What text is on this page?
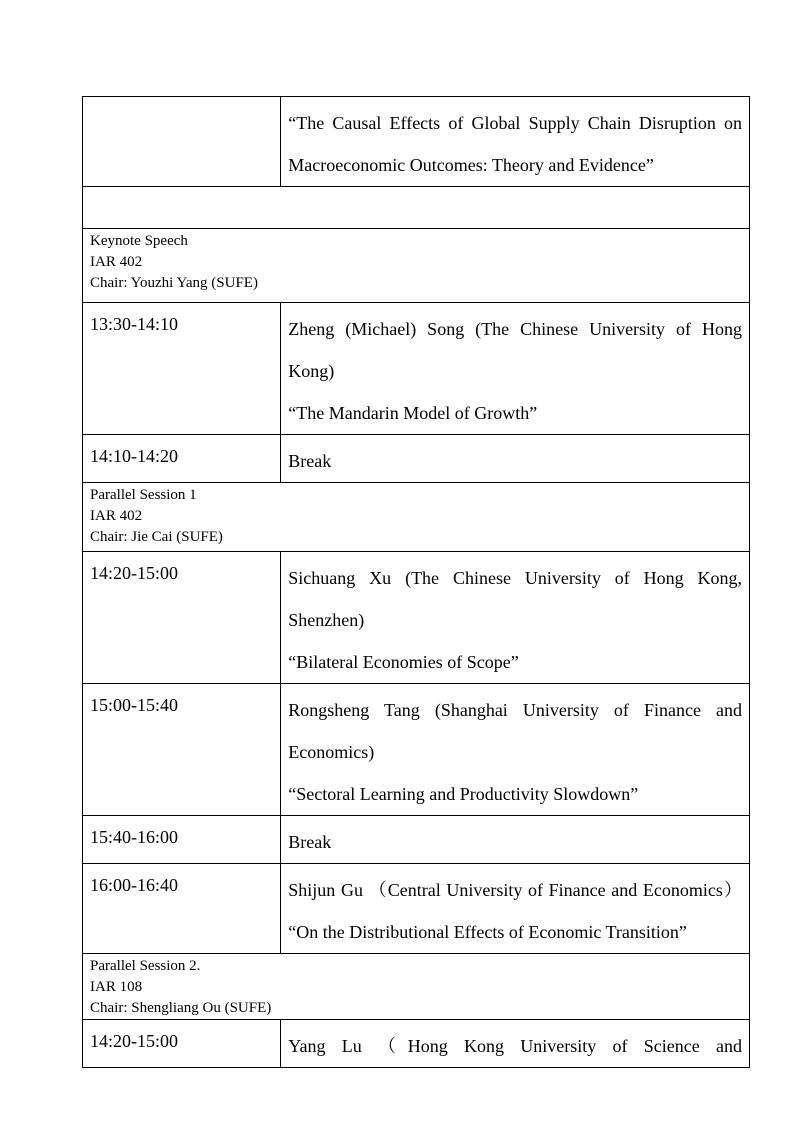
	“The Causal Effects of Global Supply Chain Disruption on
Macroeconomic Outcomes: Theory and Evidence”

Keynote Speech
IAR 402
Chair: Youzhi Yang (SUFE)	

13:30-14:10	Zheng (Michael) Song (The Chinese University of Hong
Kong)
“The Mandarin Model of Growth”

14:10-14:20	Break

Parallel Session 1
IAR 402
Chair: Jie Cai (SUFE)	

14:20-15:00	Sichuang Xu (The Chinese University of Hong Kong,
Shenzhen)
“Bilateral Economies of Scope”

15:00-15:40	Rongsheng Tang (Shanghai University of Finance and
Economics)
“Sectoral Learning and Productivity Slowdown”

15:40-16:00	Break

16:00-16:40	Shijun Gu （Central University of Finance and Economics）
“On the Distributional Effects of Economic Transition”

Parallel Session 2.
IAR 108
Chair: Shengliang Ou (SUFE)	

14:20-15:00	Yang Lu （Hong Kong University of Science and
